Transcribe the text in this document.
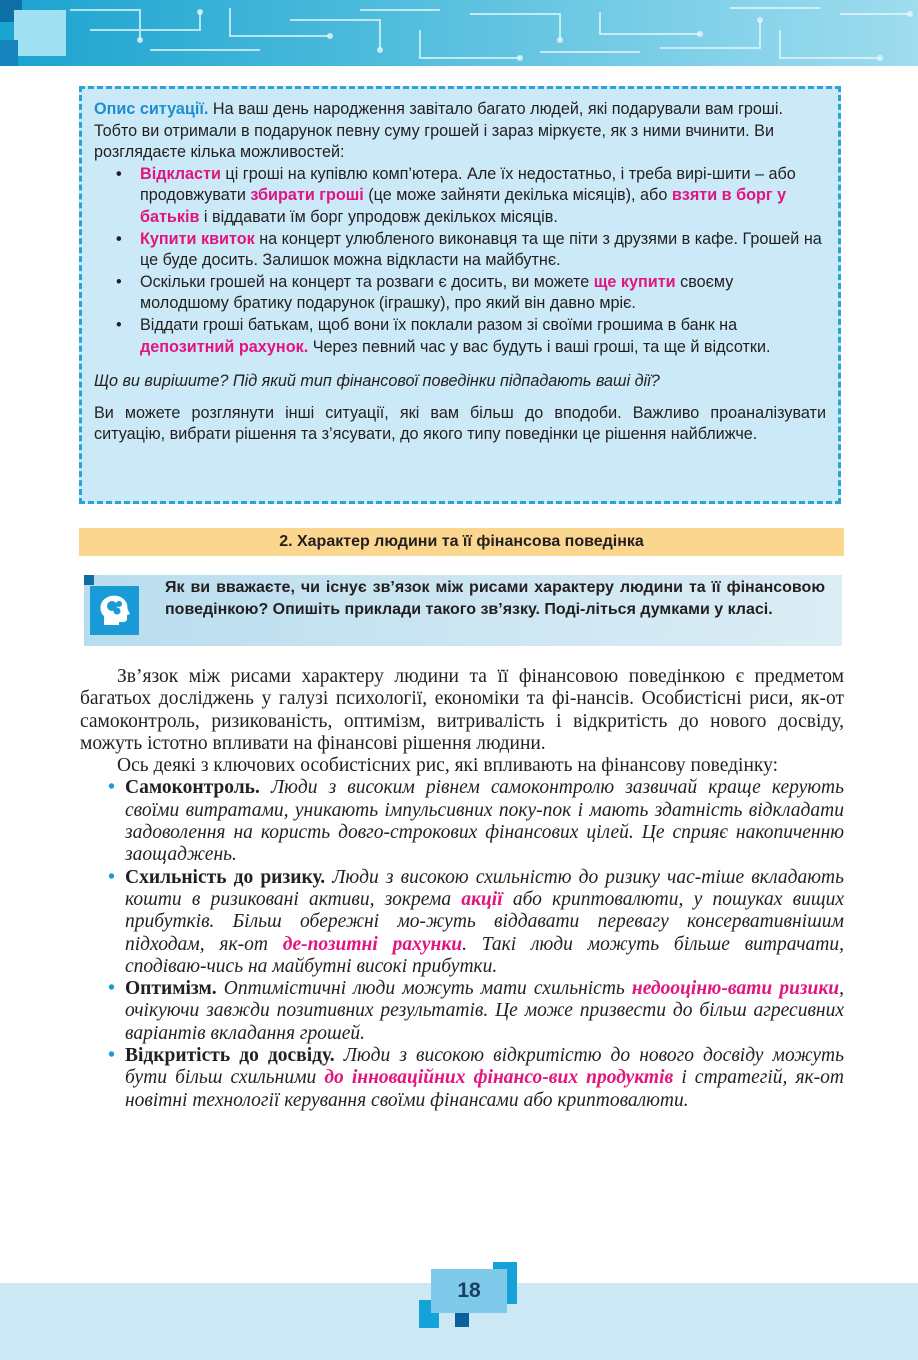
Опис ситуації. На ваш день народження завітало багато людей, які подарували вам гроші. Тобто ви отримали в подарунок певну суму грошей і зараз міркуєте, як з ними вчинити. Ви розглядаєте кілька можливостей:

• Відкласти ці гроші на купівлю комп’ютера. Але їх недостатньо, і треба вирі-шити – або продовжувати збирати гроші (це може зайняти декілька місяців), або взяти в борг у батьків і віддавати їм борг упродовж декількох місяців.
• Купити квиток на концерт улюбленого виконавця та ще піти з друзями в кафе. Грошей на це буде досить. Залишок можна відкласти на майбутнє.
• Оскільки грошей на концерт та розваги є досить, ви можете ще купити своєму молодшому братику подарунок (іграшку), про який він давно мріє.
• Віддати гроші батькам, щоб вони їх поклали разом зі своїми грошима в банк на депозитний рахунок. Через певний час у вас будуть і ваші гроші, та ще й відсотки.

Що ви вирішите? Під який тип фінансової поведінки підпадають ваші дії?

Ви можете розглянути інші ситуації, які вам більш до вподоби. Важливо проаналізувати ситуацію, вибрати рішення та з’ясувати, до якого типу поведінки це рішення найближче.

2. Характер людини та її фінансова поведінка
Як ви вважаєте, чи існує зв’язок між рисами характеру людини та її фінансовою поведінкою? Опишіть приклади такого зв’язку. Поді-літься думками у класі.

Зв’язок між рисами характеру людини та її фінансовою поведінкою є предметом багатьох досліджень у галузі психології, економіки та фі-нансів. Особистісні риси, як-от самоконтроль, ризикованість, оптимізм, витривалість і відкритість до нового досвіду, можуть істотно впливати на фінансові рішення людини.

Ось деякі з ключових особистісних рис, які впливають на фінансову поведінку:

• Самоконтроль. Люди з високим рівнем самоконтролю зазвичай краще керують своїми витратами, уникають імпульсивних поку-пок і мають здатність відкладати задоволення на користь довго-строкових фінансових цілей. Це сприяє накопиченню заощаджень.
• Схильність до ризику. Люди з високою схильністю до ризику час-тіше вкладають кошти в ризиковані активи, зокрема акції або криптовалюти, у пошуках вищих прибутків. Більш обережні мо-жуть віддавати перевагу консервативнішим підходам, як-от де-позитні рахунки. Такі люди можуть більше витрачати, сподіваю-чись на майбутні високі прибутки.
• Оптимізм. Оптимістичні люди можуть мати схильність недооціню-вати ризики, очікуючи завжди позитивних результатів. Це може призвести до більш агресивних варіантів вкладання грошей.
• Відкритість до досвіду. Люди з високою відкритістю до нового досвіду можуть бути більш схильними до інноваційних фінансо-вих продуктів і стратегій, як-от новітні технології керування своїми фінансами або криптовалюти.
18
